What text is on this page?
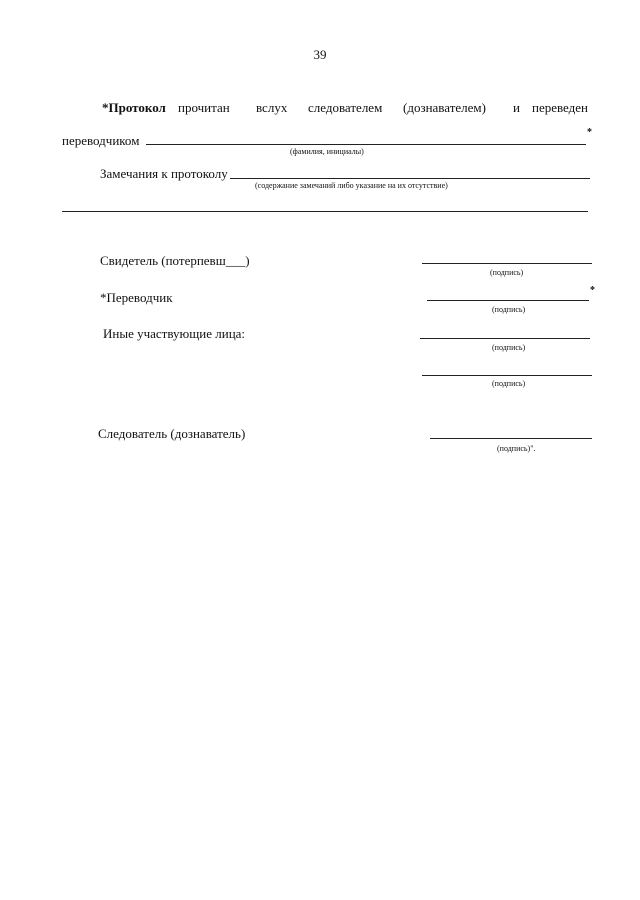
39
*Протокол прочитан вслух следователем (дознавателем) и переведен
переводчиком
*
(фамилия, инициалы)
Замечания к протоколу
(содержание замечаний либо указание на их отсутствие)
Свидетель (потерпевш___)
(подпись)
*Переводчик	*
(подпись)
Иные участвующие лица:
(подпись)
(подпись)
Следователь (дознаватель)
(подпись)".
